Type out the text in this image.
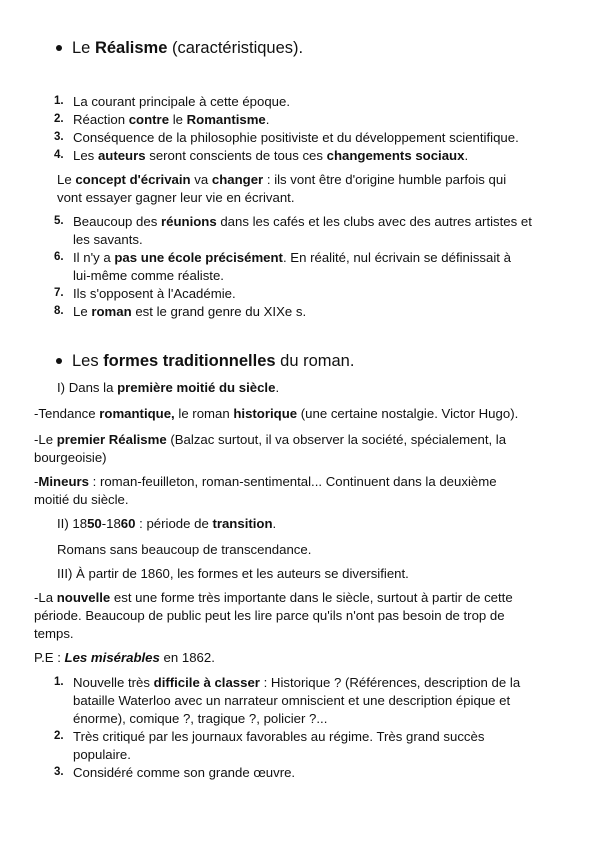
Le Réalisme (caractéristiques).
1. La courant principale à cette époque.
2. Réaction contre le Romantisme.
3. Conséquence de la philosophie positiviste et du développement scientifique.
4. Les auteurs seront conscients de tous ces changements sociaux.
Le concept d'écrivain va changer : ils vont être d'origine humble parfois qui
vont essayer gagner leur vie en écrivant.
5. Beaucoup des réunions dans les cafés et les clubs avec des autres artistes et
les savants.
6. Il n'y a pas une école précisément. En réalité, nul écrivain se définissait à
lui-même comme réaliste.
7. Ils s'opposent à l'Académie.
8. Le roman est le grand genre du XIXe s.
Les formes traditionnelles du roman.
I) Dans la première moitié du siècle.
-Tendance romantique, le roman historique (une certaine nostalgie. Victor Hugo).
-Le premier Réalisme (Balzac surtout, il va observer la société, spécialement, la
bourgeoisie)
-Mineurs : roman-feuilleton, roman-sentimental... Continuent dans la deuxième
moitié du siècle.
II) 1850-1860 : période de transition.
Romans sans beaucoup de transcendance.
III) À partir de 1860, les formes et les auteurs se diversifient.
-La nouvelle est une forme très importante dans le siècle, surtout à partir de cette
période. Beaucoup de public peut les lire parce qu'ils n'ont pas besoin de trop de
temps.
P.E : Les misérables en 1862.
1. Nouvelle très difficile à classer : Historique ? (Références, description de la
bataille Waterloo avec un narrateur omniscient et une description épique et
énorme), comique ?, tragique ?, policier ?...
2. Très critiqué par les journaux favorables au régime. Très grand succès
populaire.
3. Considéré comme son grande œuvre.
